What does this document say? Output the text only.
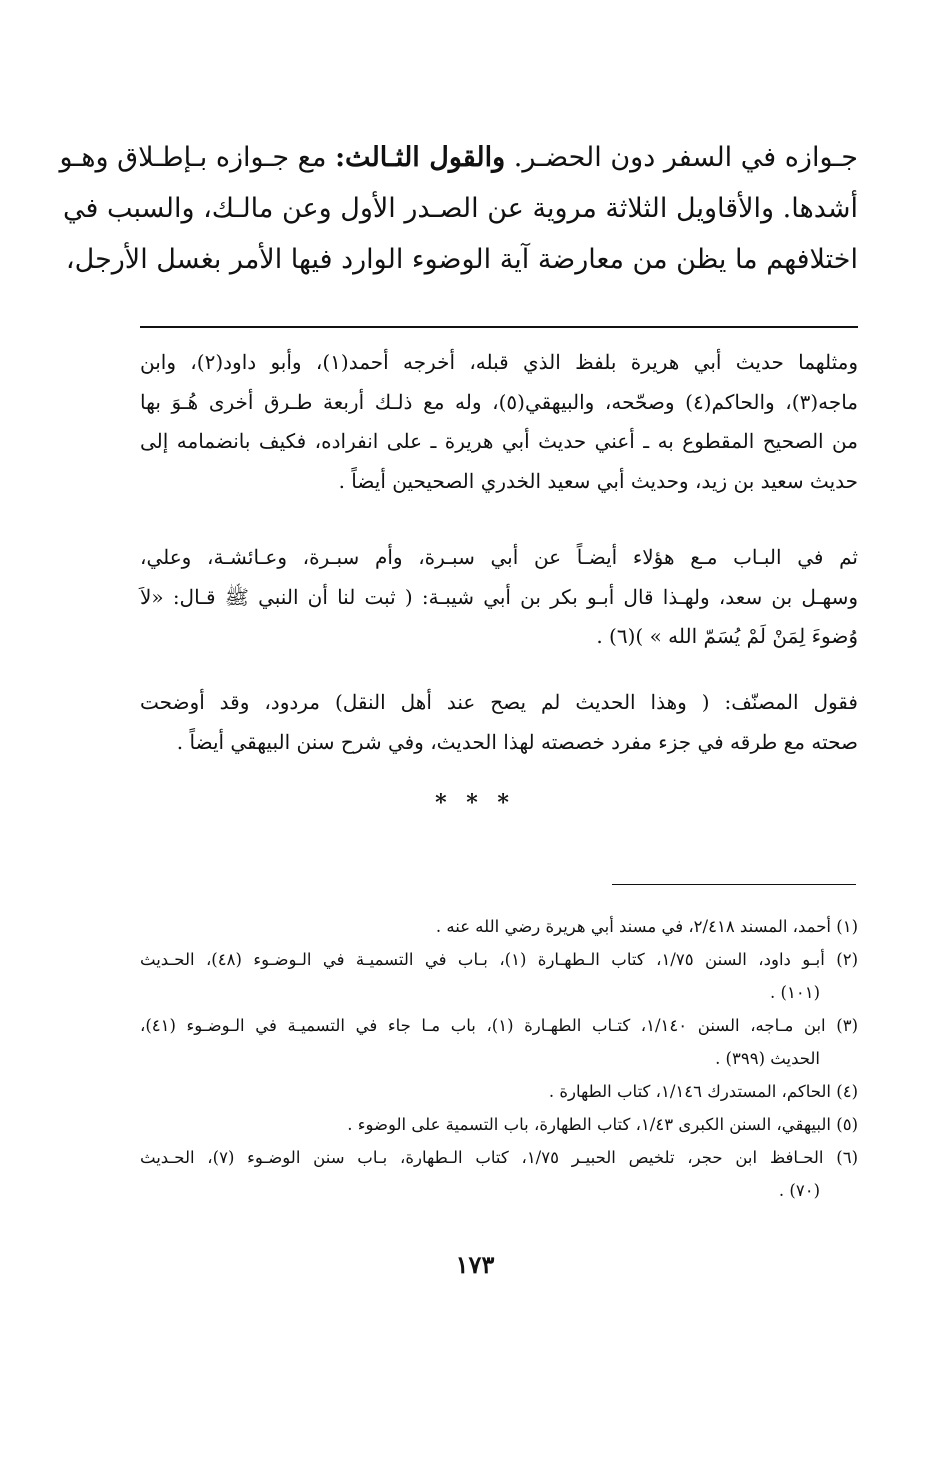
جـوازه في السفر دون الحضـر. والقول الثـالث: مع جـوازه بـإطـلاق وهـو
أشدها. والأقاويل الثلاثة مروية عن الصـدر الأول وعن مالـك، والسبب في
اختلافهم ما يظن من معارضة آية الوضوء الوارد فيها الأمر بغسل الأرجل،
ومثلهما حديث أبي هريرة بلفظ الذي قبله، أخرجه أحمد(١)، وأبو داود(٢)، وابن
ماجه(٣)، والحاكم(٤) وصحّحه، والبيهقي(٥)، وله مع ذلـك أربعة طـرق أخرى هُـوَ بها
من الصحيح المقطوع به ـ أعني حديث أبي هريرة ـ على انفراده، فكيف بانضمامه إلى
حديث سعيد بن زيد، وحديث أبي سعيد الخدري الصحيحين أيضاً .
ثم في البـاب مـع هؤلاء أيضـاً عن أبي سبـرة، وأم سبـرة، وعـائشـة، وعلي،
وسهـل بن سعد، ولهـذا قال أبـو بكر بن أبي شيبـة: ( ثبت لنا أن النبي ﷺ قـال: «لاَ
وُضوءَ لِمَنْ لَمْ يُسَمّ الله » )(٦) .
فقول المصنّف: ( وهذا الحديث لم يصح عند أهل النقل) مردود، وقد أوضحت
صحته مع طرقه في جزء مفرد خصصته لهذا الحديث، وفي شرح سنن البيهقي أيضاً .
* * *
(١) أحمد، المسند ٢/٤١٨، في مسند أبي هريرة رضي الله عنه .
(٢) أبـو داود، السنن ١/٧٥، كتاب الـطهـارة (١)، بـاب في التسميـة في الـوضـوء (٤٨)، الحـديث
(١٠١) .
(٣) ابن مـاجه، السنن ١/١٤٠، كتـاب الطهـارة (١)، باب مـا جاء في التسميـة في الـوضـوء (٤١)،
الحديث (٣٩٩) .
(٤) الحاكم، المستدرك ١/١٤٦، كتاب الطهارة .
(٥) البيهقي، السنن الكبرى ١/٤٣، كتاب الطهارة، باب التسمية على الوضوء .
(٦) الحـافظ ابن حجر، تلخيص الحبيـر ١/٧٥، كتاب الـطهارة، بـاب سنن الوضـوء (٧)، الحـديث
(٧٠) .
١٧٣
